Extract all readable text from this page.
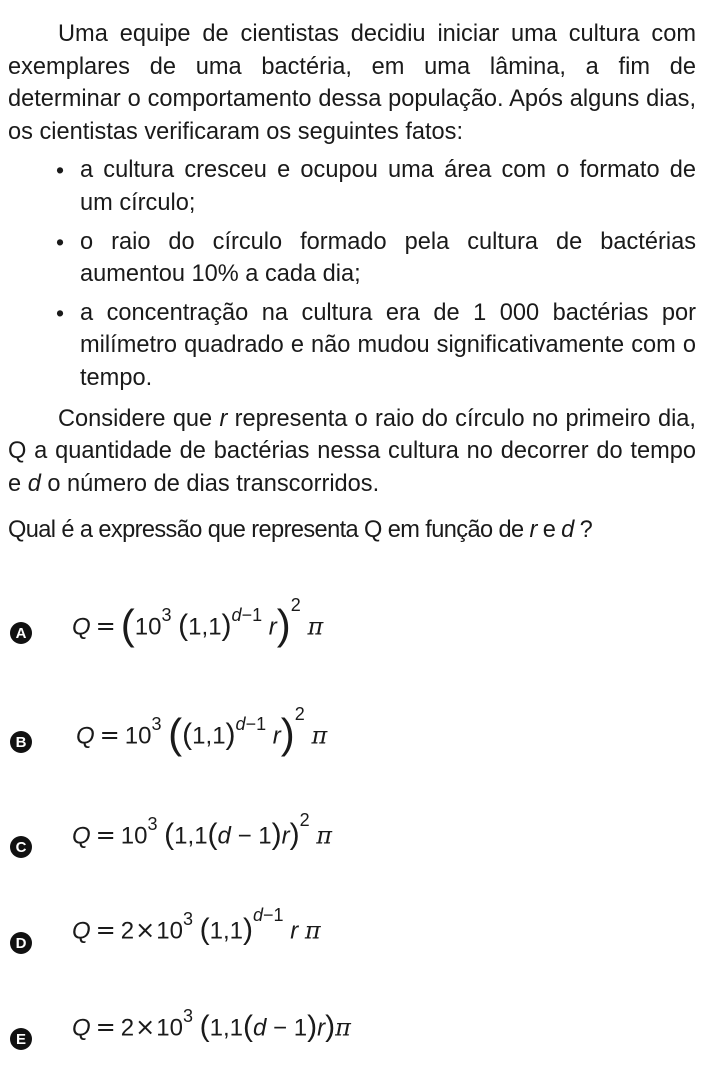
Uma equipe de cientistas decidiu iniciar uma cultura com exemplares de uma bactéria, em uma lâmina, a fim de determinar o comportamento dessa população. Após alguns dias, os cientistas verificaram os seguintes fatos:

• a cultura cresceu e ocupou uma área com o formato de um círculo;
• o raio do círculo formado pela cultura de bactérias aumentou 10% a cada dia;
• a concentração na cultura era de 1 000 bactérias por milímetro quadrado e não mudou significativamente com o tempo.

Considere que r representa o raio do círculo no primeiro dia, Q a quantidade de bactérias nessa cultura no decorrer do tempo e d o número de dias transcorridos.

Qual é a expressão que representa Q em função de r e d ?

A $Q = (10^3$ $(1,1)^{d-1}$ r)$^2$ π
B $Q = 10^3$ ($(1,1)^{d-1}$ r)$^2$ π
C $Q = 10^3$ $(1,1(d - 1)r)^2$ π
D $Q = 2\times 10^3$ $(1,1)^{d-1}$ r π
E $Q = 2\times 10^3$ (1,1(d − 1)r)π
